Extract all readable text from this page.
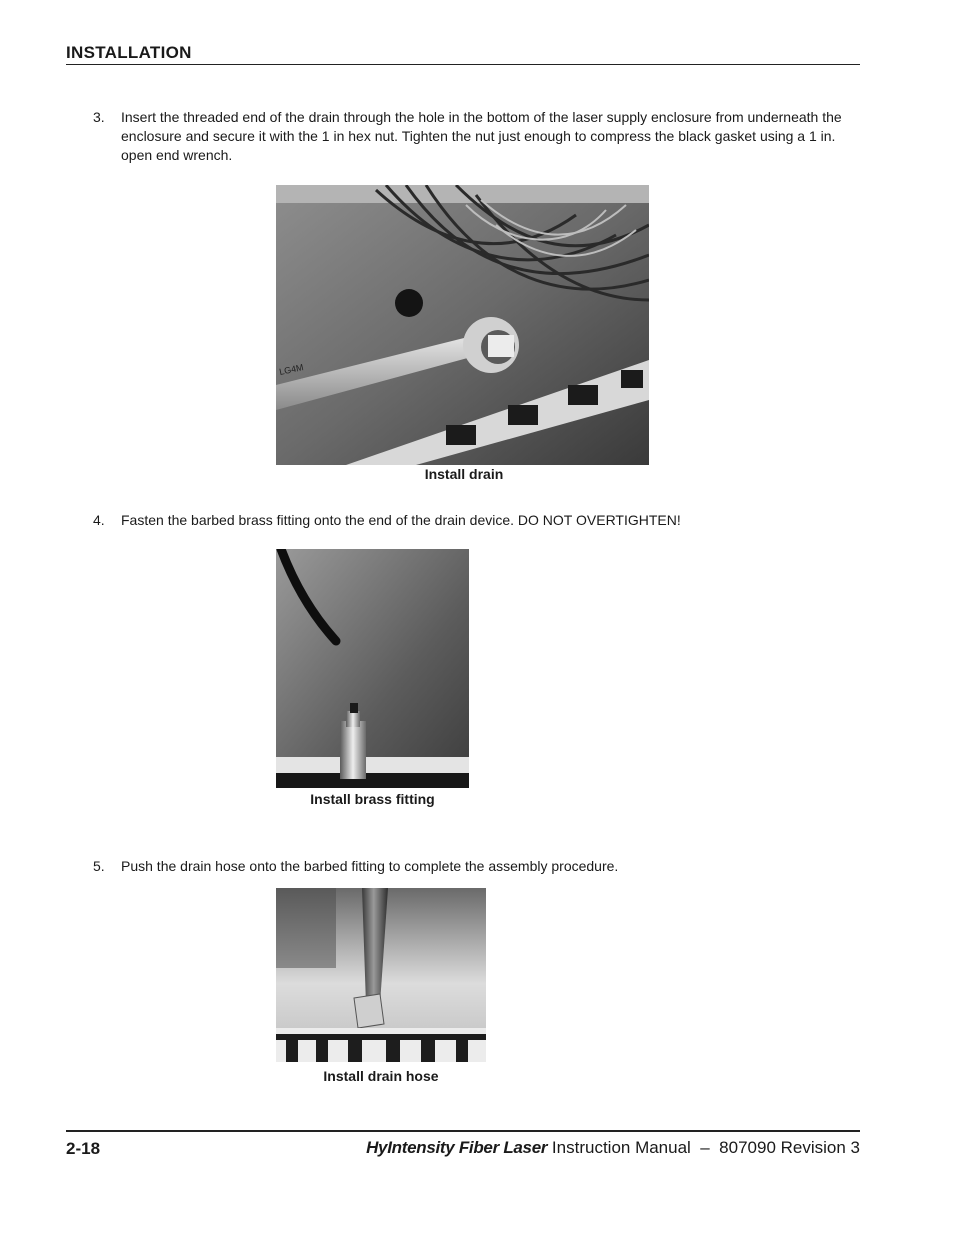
INSTALLATION
3. Insert the threaded end of the drain through the hole in the bottom of the laser supply enclosure from underneath the enclosure and secure it with the 1 in hex nut. Tighten the nut just enough to compress the black gasket using a 1 in. open end wrench.
LG4M
Install drain
4. Fasten the barbed brass fitting onto the end of the drain device. DO NOT OVERTIGHTEN!
Install brass fitting
5. Push the drain hose onto the barbed fitting to complete the assembly procedure.
Install drain hose
2-18	HyIntensity Fiber Laser Instruction Manual  –  807090 Revision 3
